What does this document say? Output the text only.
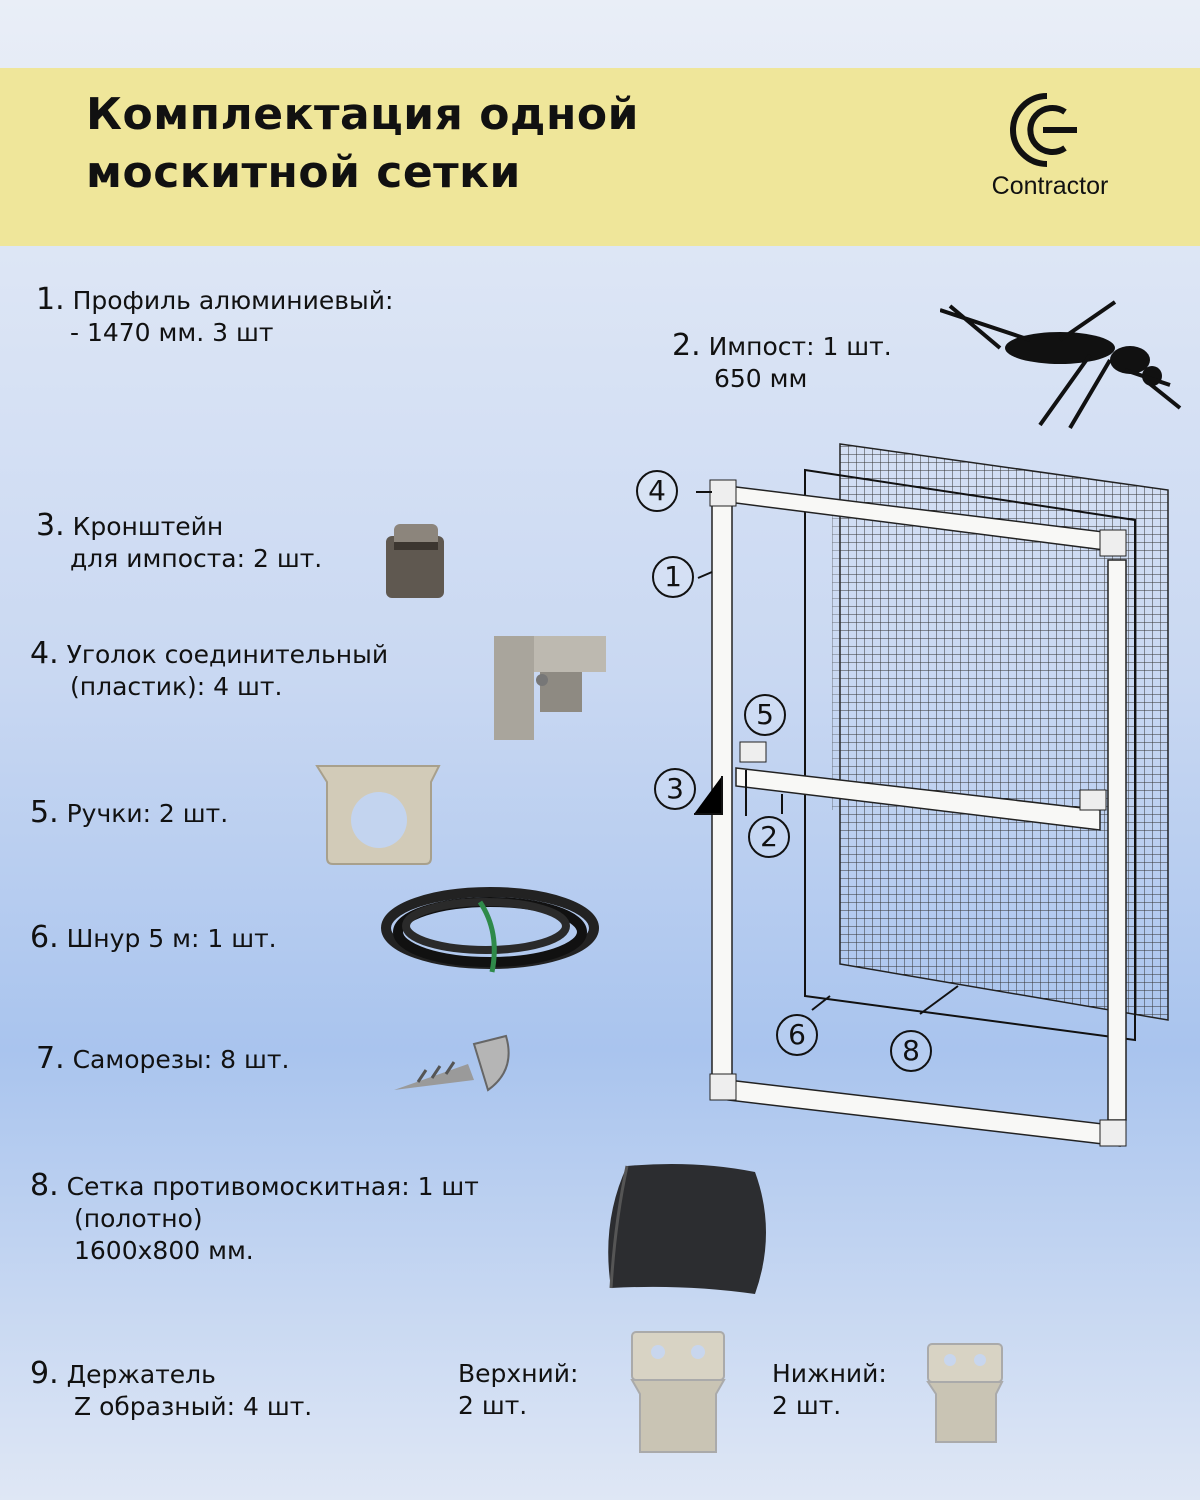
Комплектация одной
москитной сетки	Contractor
1. Профиль алюминиевый:
- 1470 мм. 3 шт	2. Импост: 1 шт.
650 мм
3. Кронштейн
для импоста: 2 шт.
4. Уголок соединительный
(пластик): 4 шт.
5. Ручки: 2 шт.
6. Шнур 5 м: 1 шт.
7. Саморезы: 8 шт.
8. Сетка противомоскитная: 1 шт
(полотно)
1600х800 мм.
9. Держатель
Z образный: 4 шт.
Верхний:
2 шт.
Нижний:
2 шт.
4
1
5
3
2
6	8
